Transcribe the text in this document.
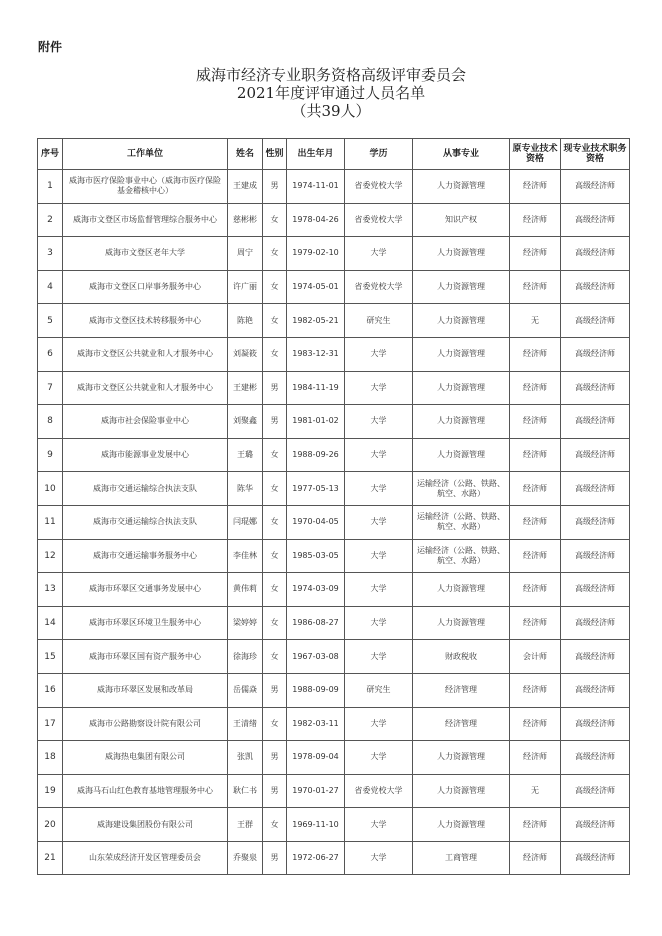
附件
威海市经济专业职务资格高级评审委员会
2021年度评审通过人员名单
（共39人）
序号	工作单位	姓名	性别	出生年月	学历	从事专业	原专业技术资格	现专业技术职务资格
1	威海市医疗保险事业中心（威海市医疗保险基金稽核中心）	王建成	男	1974-11-01	省委党校大学	人力资源管理	经济师	高级经济师
2	威海市文登区市场监督管理综合服务中心	慈彬彬	女	1978-04-26	省委党校大学	知识产权	经济师	高级经济师
3	威海市文登区老年大学	周宁	女	1979-02-10	大学	人力资源管理	经济师	高级经济师
4	威海市文登区口岸事务服务中心	许广丽	女	1974-05-01	省委党校大学	人力资源管理	经济师	高级经济师
5	威海市文登区技术转移服务中心	陈艳	女	1982-05-21	研究生	人力资源管理	无	高级经济师
6	威海市文登区公共就业和人才服务中心	刘凝筱	女	1983-12-31	大学	人力资源管理	经济师	高级经济师
7	威海市文登区公共就业和人才服务中心	王建彬	男	1984-11-19	大学	人力资源管理	经济师	高级经济师
8	威海市社会保险事业中心	刘聚鑫	男	1981-01-02	大学	人力资源管理	经济师	高级经济师
9	威海市能源事业发展中心	王璐	女	1988-09-26	大学	人力资源管理	经济师	高级经济师
10	威海市交通运输综合执法支队	陈华	女	1977-05-13	大学	运输经济（公路、铁路、航空、水路）	经济师	高级经济师
11	威海市交通运输综合执法支队	闫琨娜	女	1970-04-05	大学	运输经济（公路、铁路、航空、水路）	经济师	高级经济师
12	威海市交通运输事务服务中心	李佳林	女	1985-03-05	大学	运输经济（公路、铁路、航空、水路）	经济师	高级经济师
13	威海市环翠区交通事务发展中心	黄伟莉	女	1974-03-09	大学	人力资源管理	经济师	高级经济师
14	威海市环翠区环境卫生服务中心	梁婷婷	女	1986-08-27	大学	人力资源管理	经济师	高级经济师
15	威海市环翠区国有资产服务中心	徐海珍	女	1967-03-08	大学	财政税收	会计师	高级经济师
16	威海市环翠区发展和改革局	岳儒焱	男	1988-09-09	研究生	经济管理	经济师	高级经济师
17	威海市公路勘察设计院有限公司	王清绪	女	1982-03-11	大学	经济管理	经济师	高级经济师
18	威海热电集团有限公司	张凯	男	1978-09-04	大学	人力资源管理	经济师	高级经济师
19	威海马石山红色教育基地管理服务中心	耿仁书	男	1970-01-27	省委党校大学	人力资源管理	无	高级经济师
20	威海建设集团股份有限公司	王群	女	1969-11-10	大学	人力资源管理	经济师	高级经济师
21	山东荣成经济开发区管理委员会	乔聚泉	男	1972-06-27	大学	工商管理	经济师	高级经济师
